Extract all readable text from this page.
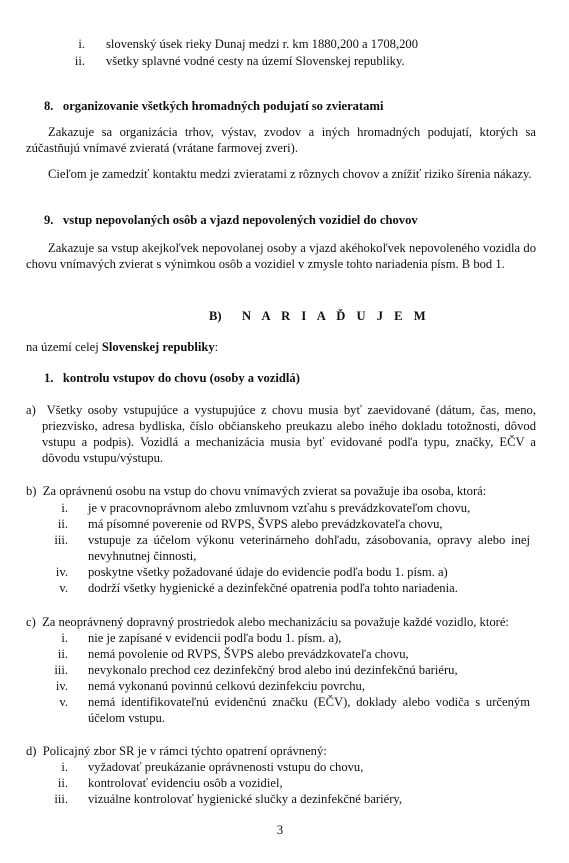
i. slovenský úsek rieky Dunaj medzi r. km 1880,200 a 1708,200
ii. všetky splavné vodné cesty na území Slovenskej republiky.
8.   organizovanie všetkých hromadných podujatí so zvieratami
Zakazuje sa organizácia trhov, výstav, zvodov a iných hromadných podujatí, ktorých sa zúčastňujú vnímavé zvieratá (vrátane farmovej zveri).
Cieľom je zamedziť kontaktu medzi zvieratami z rôznych chovov a znížiť riziko šírenia nákazy.
9.   vstup nepovolaných osôb a vjazd nepovolených vozidiel do chovov
Zakazuje sa vstup akejkoľvek nepovolanej osoby a vjazd akéhokoľvek nepovoleného vozidla do chovu vnímavých zvierat s výnimkou osôb a vozidiel v zmysle tohto nariadenia písm. B bod 1.
B) N A R I A Ď U J E M
na území celej Slovenskej republiky:
1.   kontrolu vstupov do chovu (osoby a vozidlá)
a)  Všetky osoby vstupujúce a vystupujúce z chovu musia byť zaevidované (dátum, čas, meno, priezvisko, adresa bydliska, číslo občianskeho preukazu alebo iného dokladu totožnosti, dôvod vstupu a podpis). Vozidlá a mechanizácia musia byť evidované podľa typu, značky, EČV a dôvodu vstupu/výstupu.
b)  Za oprávnenú osobu na vstup do chovu vnímavých zvierat sa považuje iba osoba, ktorá:
i. je v pracovnoprávnom alebo zmluvnom vzťahu s prevádzkovateľom chovu,
ii. má písomné poverenie od RVPS, ŠVPS alebo prevádzkovateľa chovu,
iii. vstupuje za účelom výkonu veterinárneho dohľadu, zásobovania, opravy alebo inej nevyhnutnej činnosti,
iv. poskytne všetky požadované údaje do evidencie podľa bodu 1. písm. a)
v. dodrží všetky hygienické a dezinfekčné opatrenia podľa tohto nariadenia.
c)  Za neoprávnený dopravný prostriedok alebo mechanizáciu sa považuje každé vozidlo, ktoré:
i. nie je zapísané v evidencii podľa bodu 1. písm. a),
ii. nemá povolenie od RVPS, ŠVPS alebo prevádzkovateľa chovu,
iii. nevykonalo prechod cez dezinfekčný brod alebo inú dezinfekčnú bariéru,
iv. nemá vykonanú povinnú celkovú dezinfekciu povrchu,
v. nemá identifikovateľnú evidenčnú značku (EČV), doklady alebo vodiča s určeným účelom vstupu.
d)  Policajný zbor SR je v rámci týchto opatrení oprávnený:
i. vyžadovať preukázanie oprávnenosti vstupu do chovu,
ii. kontrolovať evidenciu osôb a vozidiel,
iii. vizuálne kontrolovať hygienické slučky a dezinfekčné bariéry,
3
